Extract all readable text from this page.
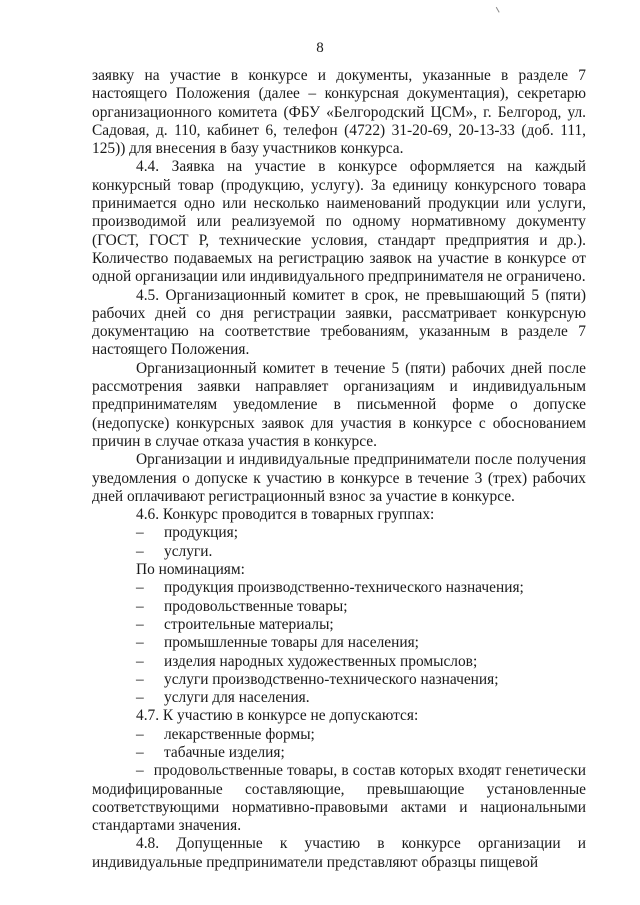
8

заявку на участие в конкурсе и документы, указанные в разделе 7 настоящего Положения (далее – конкурсная документация), секретарю организационного комитета (ФБУ «Белгородский ЦСМ», г. Белгород, ул. Садовая, д. 110, кабинет 6, телефон (4722) 31-20-69, 20-13-33 (доб. 111, 125)) для внесения в базу участников конкурса.

4.4. Заявка на участие в конкурсе оформляется на каждый конкурсный товар (продукцию, услугу). За единицу конкурсного товара принимается одно или несколько наименований продукции или услуги, производимой или реализуемой по одному нормативному документу (ГОСТ, ГОСТ Р, технические условия, стандарт предприятия и др.). Количество подаваемых на регистрацию заявок на участие в конкурсе от одной организации или индивидуального предпринимателя не ограничено.

4.5. Организационный комитет в срок, не превышающий 5 (пяти) рабочих дней со дня регистрации заявки, рассматривает конкурсную документацию на соответствие требованиям, указанным в разделе 7 настоящего Положения.

Организационный комитет в течение 5 (пяти) рабочих дней после рассмотрения заявки направляет организациям и индивидуальным предпринимателям уведомление в письменной форме о допуске (недопуске) конкурсных заявок для участия в конкурсе с обоснованием причин в случае отказа участия в конкурсе.

Организации и индивидуальные предприниматели после получения уведомления о допуске к участию в конкурсе в течение 3 (трех) рабочих дней оплачивают регистрационный взнос за участие в конкурсе.

4.6. Конкурс проводится в товарных группах:

– продукция;
– услуги.

По номинациям:

– продукция производственно-технического назначения;
– продовольственные товары;
– строительные материалы;
– промышленные товары для населения;
– изделия народных художественных промыслов;
– услуги производственно-технического назначения;
– услуги для населения.

4.7. К участию в конкурсе не допускаются:

– лекарственные формы;
– табачные изделия;

– продовольственные товары, в состав которых входят генетически модифицированные составляющие, превышающие установленные соответствующими нормативно-правовыми актами и национальными стандартами значения.

4.8. Допущенные к участию в конкурсе организации и индивидуальные предприниматели представляют образцы пищевой
